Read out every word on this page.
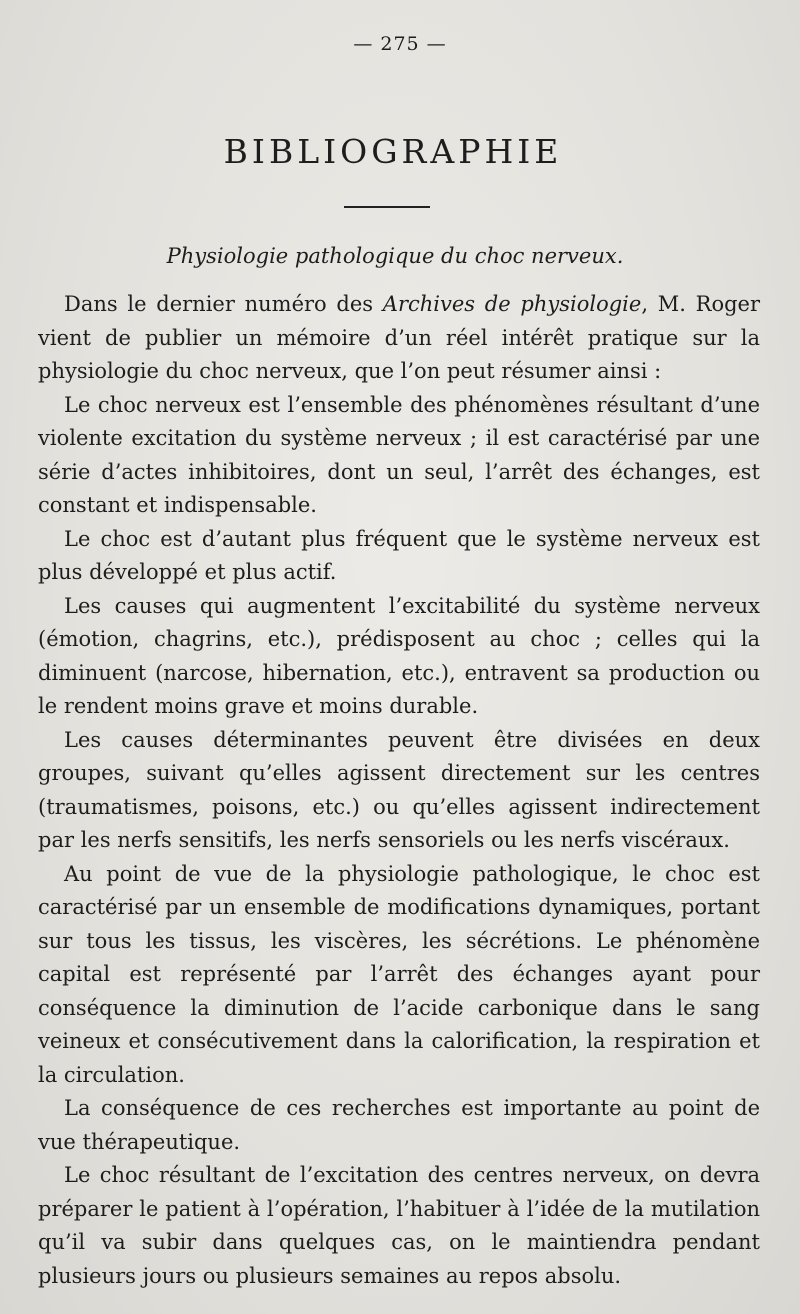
— 275 —
BIBLIOGRAPHIE
Physiologie pathologique du choc nerveux.

Dans le dernier numéro des Archives de physiologie, M. Roger vient de publier un mémoire d’un réel intérêt pratique sur la physiologie du choc nerveux, que l’on peut résumer ainsi :

Le choc nerveux est l’ensemble des phénomènes résultant d’une violente excitation du système nerveux ; il est caractérisé par une série d’actes inhibitoires, dont un seul, l’arrêt des échanges, est constant et indispensable.

Le choc est d’autant plus fréquent que le système nerveux est plus développé et plus actif.

Les causes qui augmentent l’excitabilité du système nerveux (émotion, chagrins, etc.), prédisposent au choc ; celles qui la diminuent (narcose, hibernation, etc.), entravent sa production ou le rendent moins grave et moins durable.

Les causes déterminantes peuvent être divisées en deux groupes, suivant qu’elles agissent directement sur les centres (traumatismes, poisons, etc.) ou qu’elles agissent indirectement par les nerfs sensitifs, les nerfs sensoriels ou les nerfs viscéraux.

Au point de vue de la physiologie pathologique, le choc est caractérisé par un ensemble de modifications dynamiques, portant sur tous les tissus, les viscères, les sécrétions. Le phénomène capital est représenté par l’arrêt des échanges ayant pour conséquence la diminution de l’acide carbonique dans le sang veineux et consécutivement dans la calorification, la respiration et la circulation.

La conséquence de ces recherches est importante au point de vue thérapeutique.

Le choc résultant de l’excitation des centres nerveux, on devra préparer le patient à l’opération, l’habituer à l’idée de la mutilation qu’il va subir dans quelques cas, on le maintiendra pendant plusieurs jours ou plusieurs semaines au repos absolu.
